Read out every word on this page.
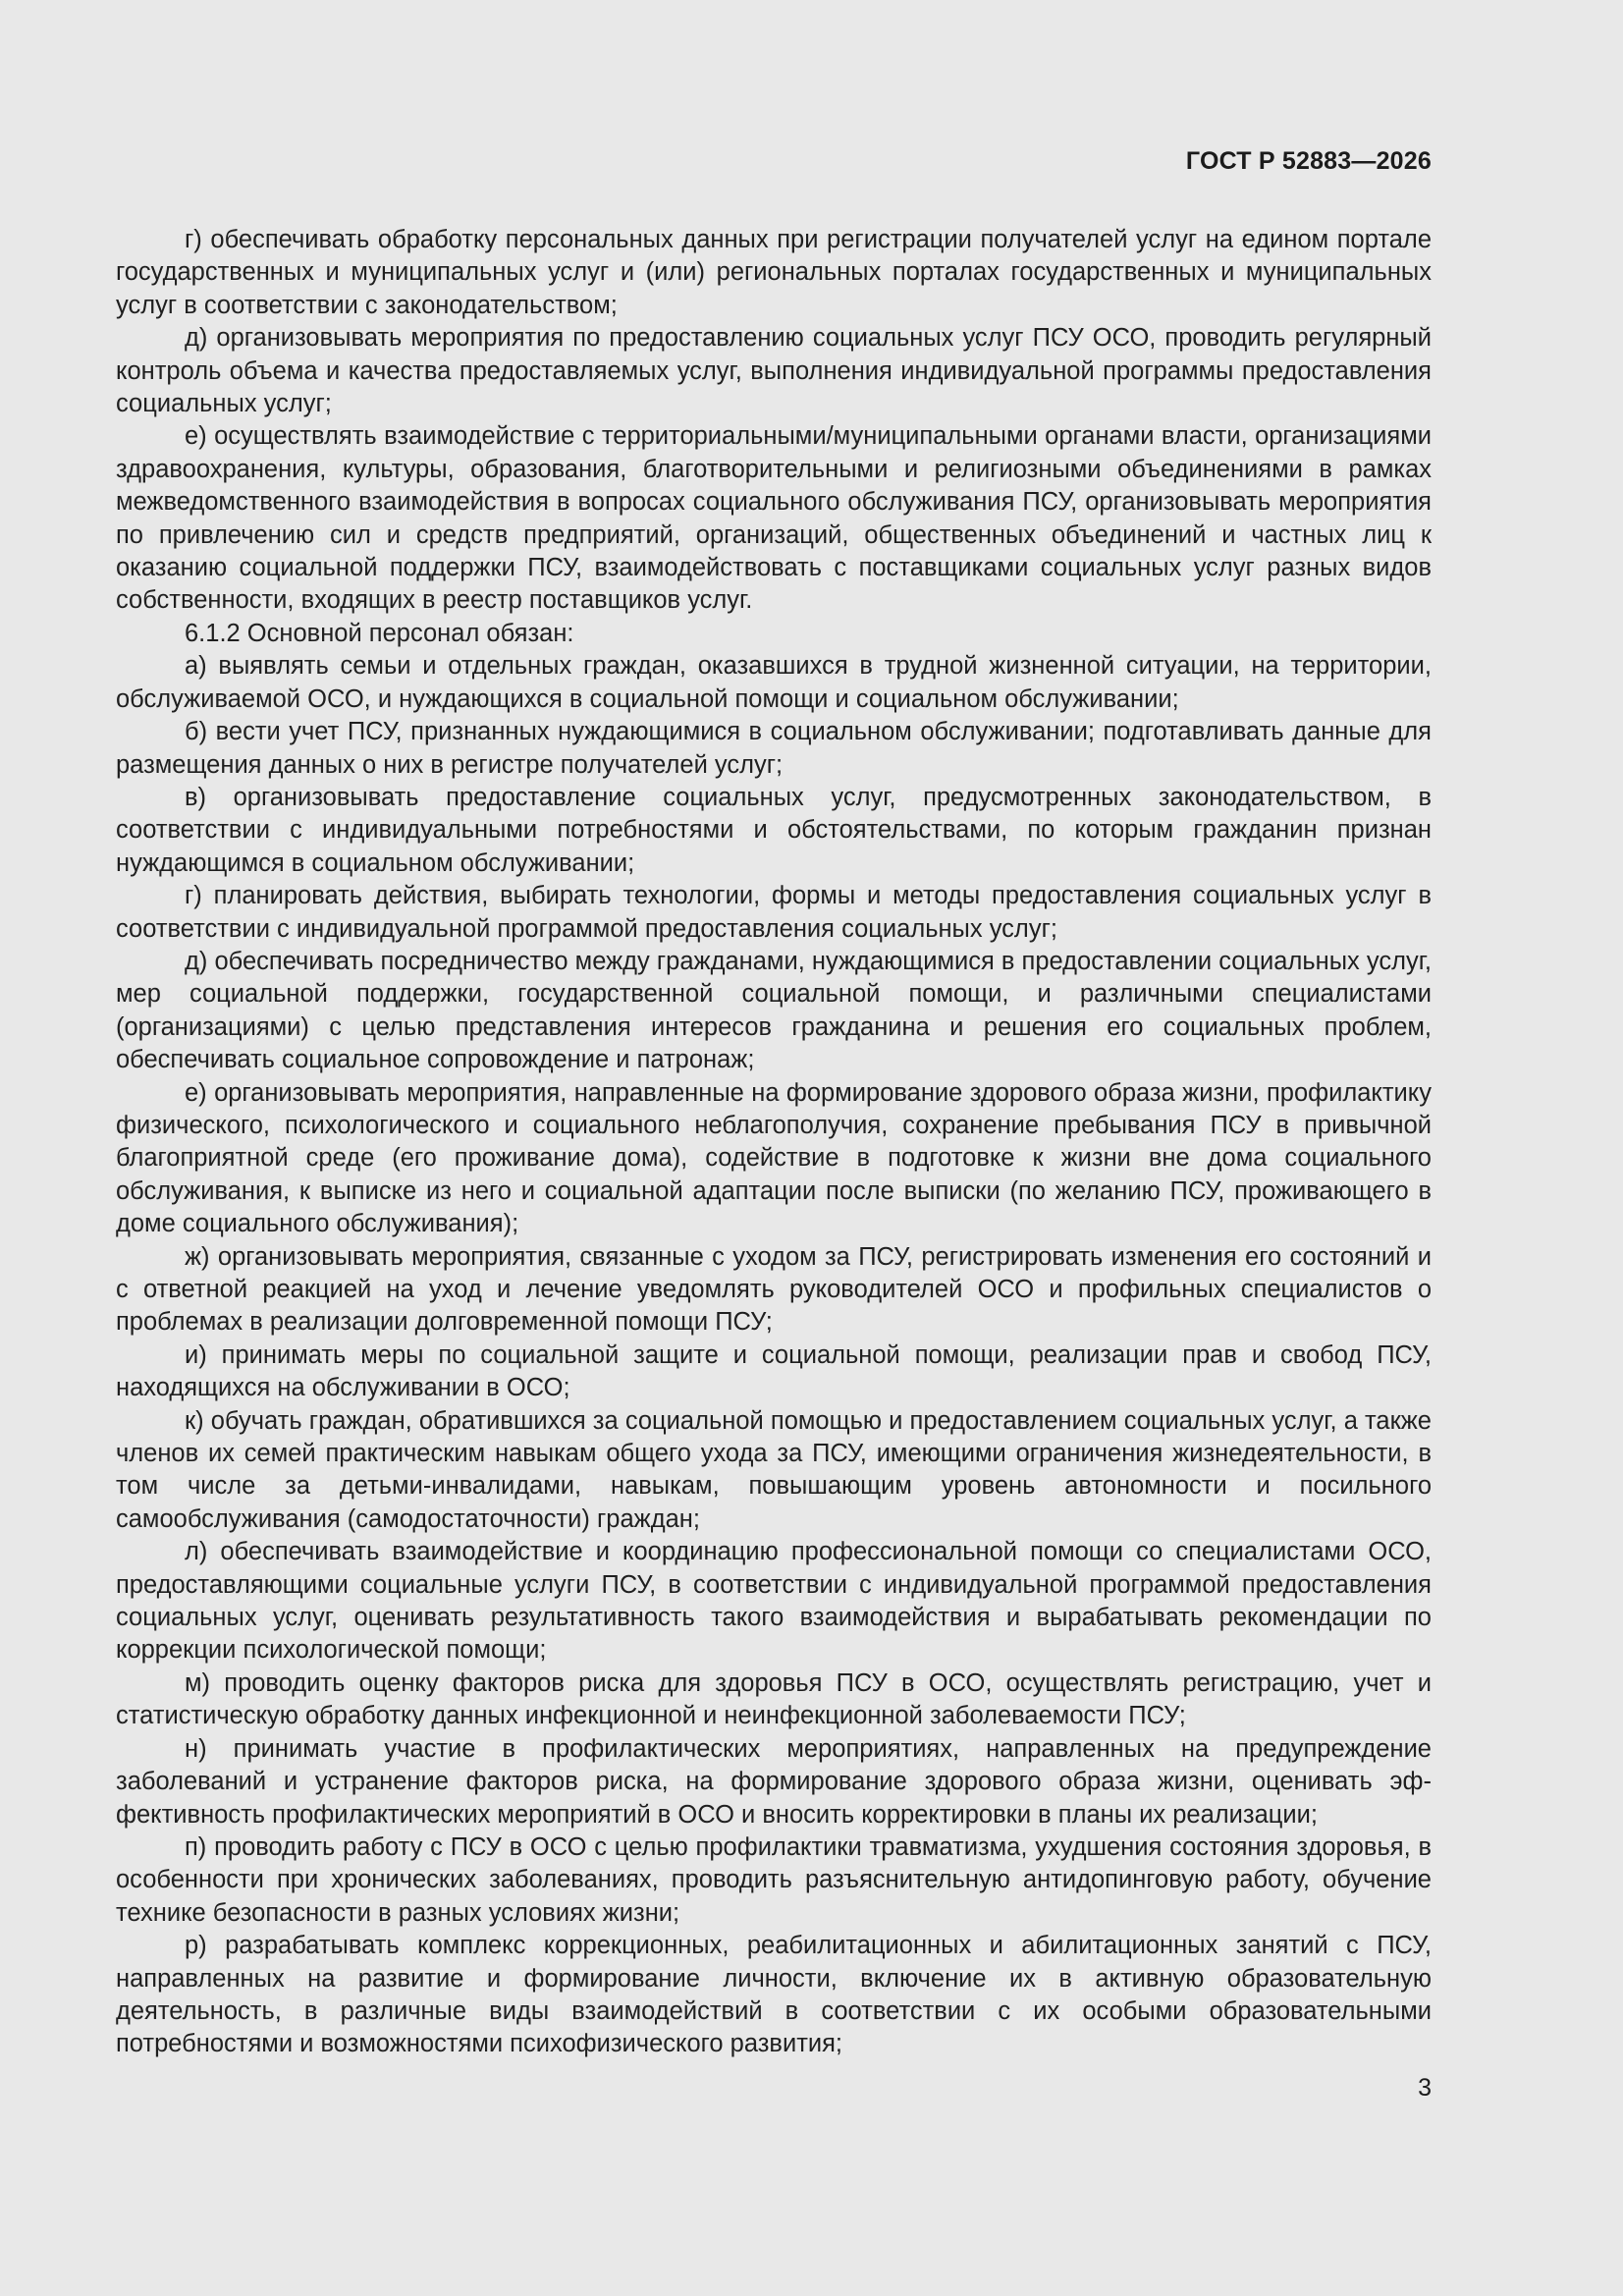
ГОСТ Р 52883—2026

г) обеспечивать обработку персональных данных при регистрации получателей услуг на едином портале государственных и муниципальных услуг и (или) региональных порталах государственных и муниципальных услуг в соответствии с законодательством;

д) организовывать мероприятия по предоставлению социальных услуг ПСУ ОСО, проводить регулярный контроль объема и качества предоставляемых услуг, выполнения индивидуальной программы предоставления социальных услуг;

е) осуществлять взаимодействие с территориальными/муниципальными органами власти, организациями здравоохранения, культуры, образования, благотворительными и религиозными объединениями в рамках межведомственного взаимодействия в вопросах социального обслуживания ПСУ, организовывать мероприятия по привлечению сил и средств предприятий, организаций, общественных объединений и частных лиц к оказанию социальной поддержки ПСУ, взаимодействовать с поставщиками социальных услуг разных видов собственности, входящих в реестр поставщиков услуг.

6.1.2 Основной персонал обязан:

а) выявлять семьи и отдельных граждан, оказавшихся в трудной жизненной ситуации, на территории, обслуживаемой ОСО, и нуждающихся в социальной помощи и социальном обслуживании;

б) вести учет ПСУ, признанных нуждающимися в социальном обслуживании; подготавливать данные для размещения данных о них в регистре получателей услуг;

в) организовывать предоставление социальных услуг, предусмотренных законодательством, в соответствии с индивидуальными потребностями и обстоятельствами, по которым гражданин признан нуждающимся в социальном обслуживании;

г) планировать действия, выбирать технологии, формы и методы предоставления социальных услуг в соответствии с индивидуальной программой предоставления социальных услуг;

д) обеспечивать посредничество между гражданами, нуждающимися в предоставлении социальных услуг, мер социальной поддержки, государственной социальной помощи, и различными специалистами (организациями) с целью представления интересов гражданина и решения его социальных проблем, обеспечивать социальное сопровождение и патронаж;

е) организовывать мероприятия, направленные на формирование здорового образа жизни, профилактику физического, психологического и социального неблагополучия, сохранение пребывания ПСУ в привычной благоприятной среде (его проживание дома), содействие в подготовке к жизни вне дома социального обслуживания, к выписке из него и социальной адаптации после выписки (по желанию ПСУ, проживающего в доме социального обслуживания);

ж) организовывать мероприятия, связанные с уходом за ПСУ, регистрировать изменения его состояний и с ответной реакцией на уход и лечение уведомлять руководителей ОСО и профильных специалистов о проблемах в реализации долговременной помощи ПСУ;

и) принимать меры по социальной защите и социальной помощи, реализации прав и свобод ПСУ, находящихся на обслуживании в ОСО;

к) обучать граждан, обратившихся за социальной помощью и предоставлением социальных услуг, а также членов их семей практическим навыкам общего ухода за ПСУ, имеющими ограничения жизнедеятельности, в том числе за детьми-инвалидами, навыкам, повышающим уровень автономности и посильного самообслуживания (самодостаточности) граждан;

л) обеспечивать взаимодействие и координацию профессиональной помощи со специалистами ОСО, предоставляющими социальные услуги ПСУ, в соответствии с индивидуальной программой предоставления социальных услуг, оценивать результативность такого взаимодействия и вырабатывать рекомендации по коррекции психологической помощи;

м) проводить оценку факторов риска для здоровья ПСУ в ОСО, осуществлять регистрацию, учет и статистическую обработку данных инфекционной и неинфекционной заболеваемости ПСУ;

н) принимать участие в профилактических мероприятиях, направленных на предупреждение заболеваний и устранение факторов риска, на формирование здорового образа жизни, оценивать эффективность профилактических мероприятий в ОСО и вносить корректировки в планы их реализации;

п) проводить работу с ПСУ в ОСО с целью профилактики травматизма, ухудшения состояния здоровья, в особенности при хронических заболеваниях, проводить разъяснительную антидопинговую работу, обучение технике безопасности в разных условиях жизни;

р) разрабатывать комплекс коррекционных, реабилитационных и абилитационных занятий с ПСУ, направленных на развитие и формирование личности, включение их в активную образовательную деятельность, в различные виды взаимодействий в соответствии с их особыми образовательными потребностями и возможностями психофизического развития;

3
